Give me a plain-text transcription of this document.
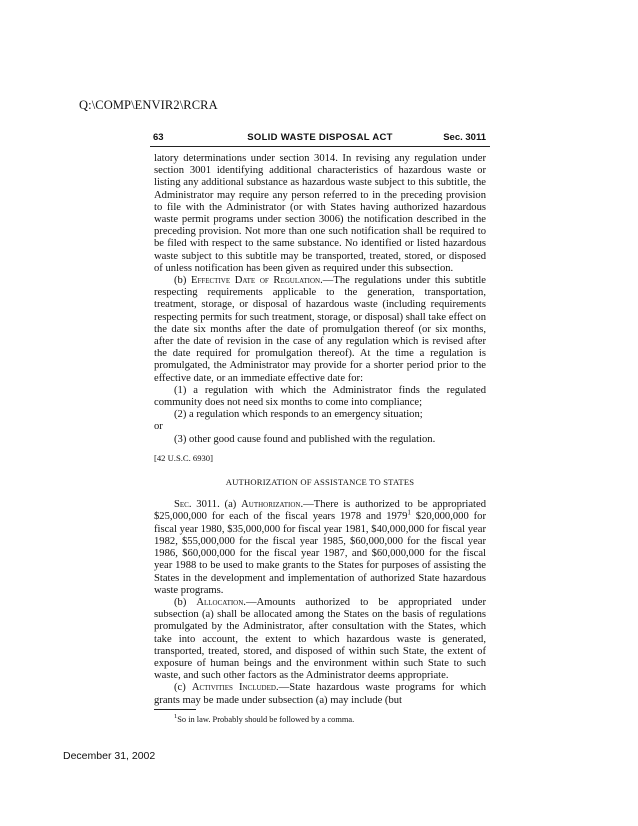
Q:\COMP\ENVIR2\RCRA
63	SOLID WASTE DISPOSAL ACT	Sec. 3011

latory determinations under section 3014. In revising any regulation under section 3001 identifying additional characteristics of hazardous waste or listing any additional substance as hazardous waste subject to this subtitle, the Administrator may require any person referred to in the preceding provision to file with the Administrator (or with States having authorized hazardous waste permit programs under section 3006) the notification described in the preceding provision. Not more than one such notification shall be required to be filed with respect to the same substance. No identified or listed hazardous waste subject to this subtitle may be transported, treated, stored, or disposed of unless notification has been given as required under this subsection.

(b) Effective Date of Regulation.—The regulations under this subtitle respecting requirements applicable to the generation, transportation, treatment, storage, or disposal of hazardous waste (including requirements respecting permits for such treatment, storage, or disposal) shall take effect on the date six months after the date of promulgation thereof (or six months, after the date of revision in the case of any regulation which is revised after the date required for promulgation thereof). At the time a regulation is promulgated, the Administrator may provide for a shorter period prior to the effective date, or an immediate effective date for:

(1) a regulation with which the Administrator finds the regulated community does not need six months to come into compliance;

(2) a regulation which responds to an emergency situation;

or

(3) other good cause found and published with the regulation.

[42 U.S.C. 6930]

AUTHORIZATION OF ASSISTANCE TO STATES

Sec. 3011. (a) Authorization.—There is authorized to be appropriated $25,000,000 for each of the fiscal years 1978 and 1979$^1$ $20,000,000 for fiscal year 1980, $35,000,000 for fiscal year 1981, $40,000,000 for fiscal year 1982, $55,000,000 for the fiscal year 1985, $60,000,000 for the fiscal year 1986, $60,000,000 for the fiscal year 1987, and $60,000,000 for the fiscal year 1988 to be used to make grants to the States for purposes of assisting the States in the development and implementation of authorized State hazardous waste programs.

(b) Allocation.—Amounts authorized to be appropriated under subsection (a) shall be allocated among the States on the basis of regulations promulgated by the Administrator, after consultation with the States, which take into account, the extent to which hazardous waste is generated, transported, treated, stored, and disposed of within such State, the extent of exposure of human beings and the environment within such State to such waste, and such other factors as the Administrator deems appropriate.

(c) Activities Included.—State hazardous waste programs for which grants may be made under subsection (a) may include (but

$^1$So in law. Probably should be followed by a comma.
December 31, 2002
